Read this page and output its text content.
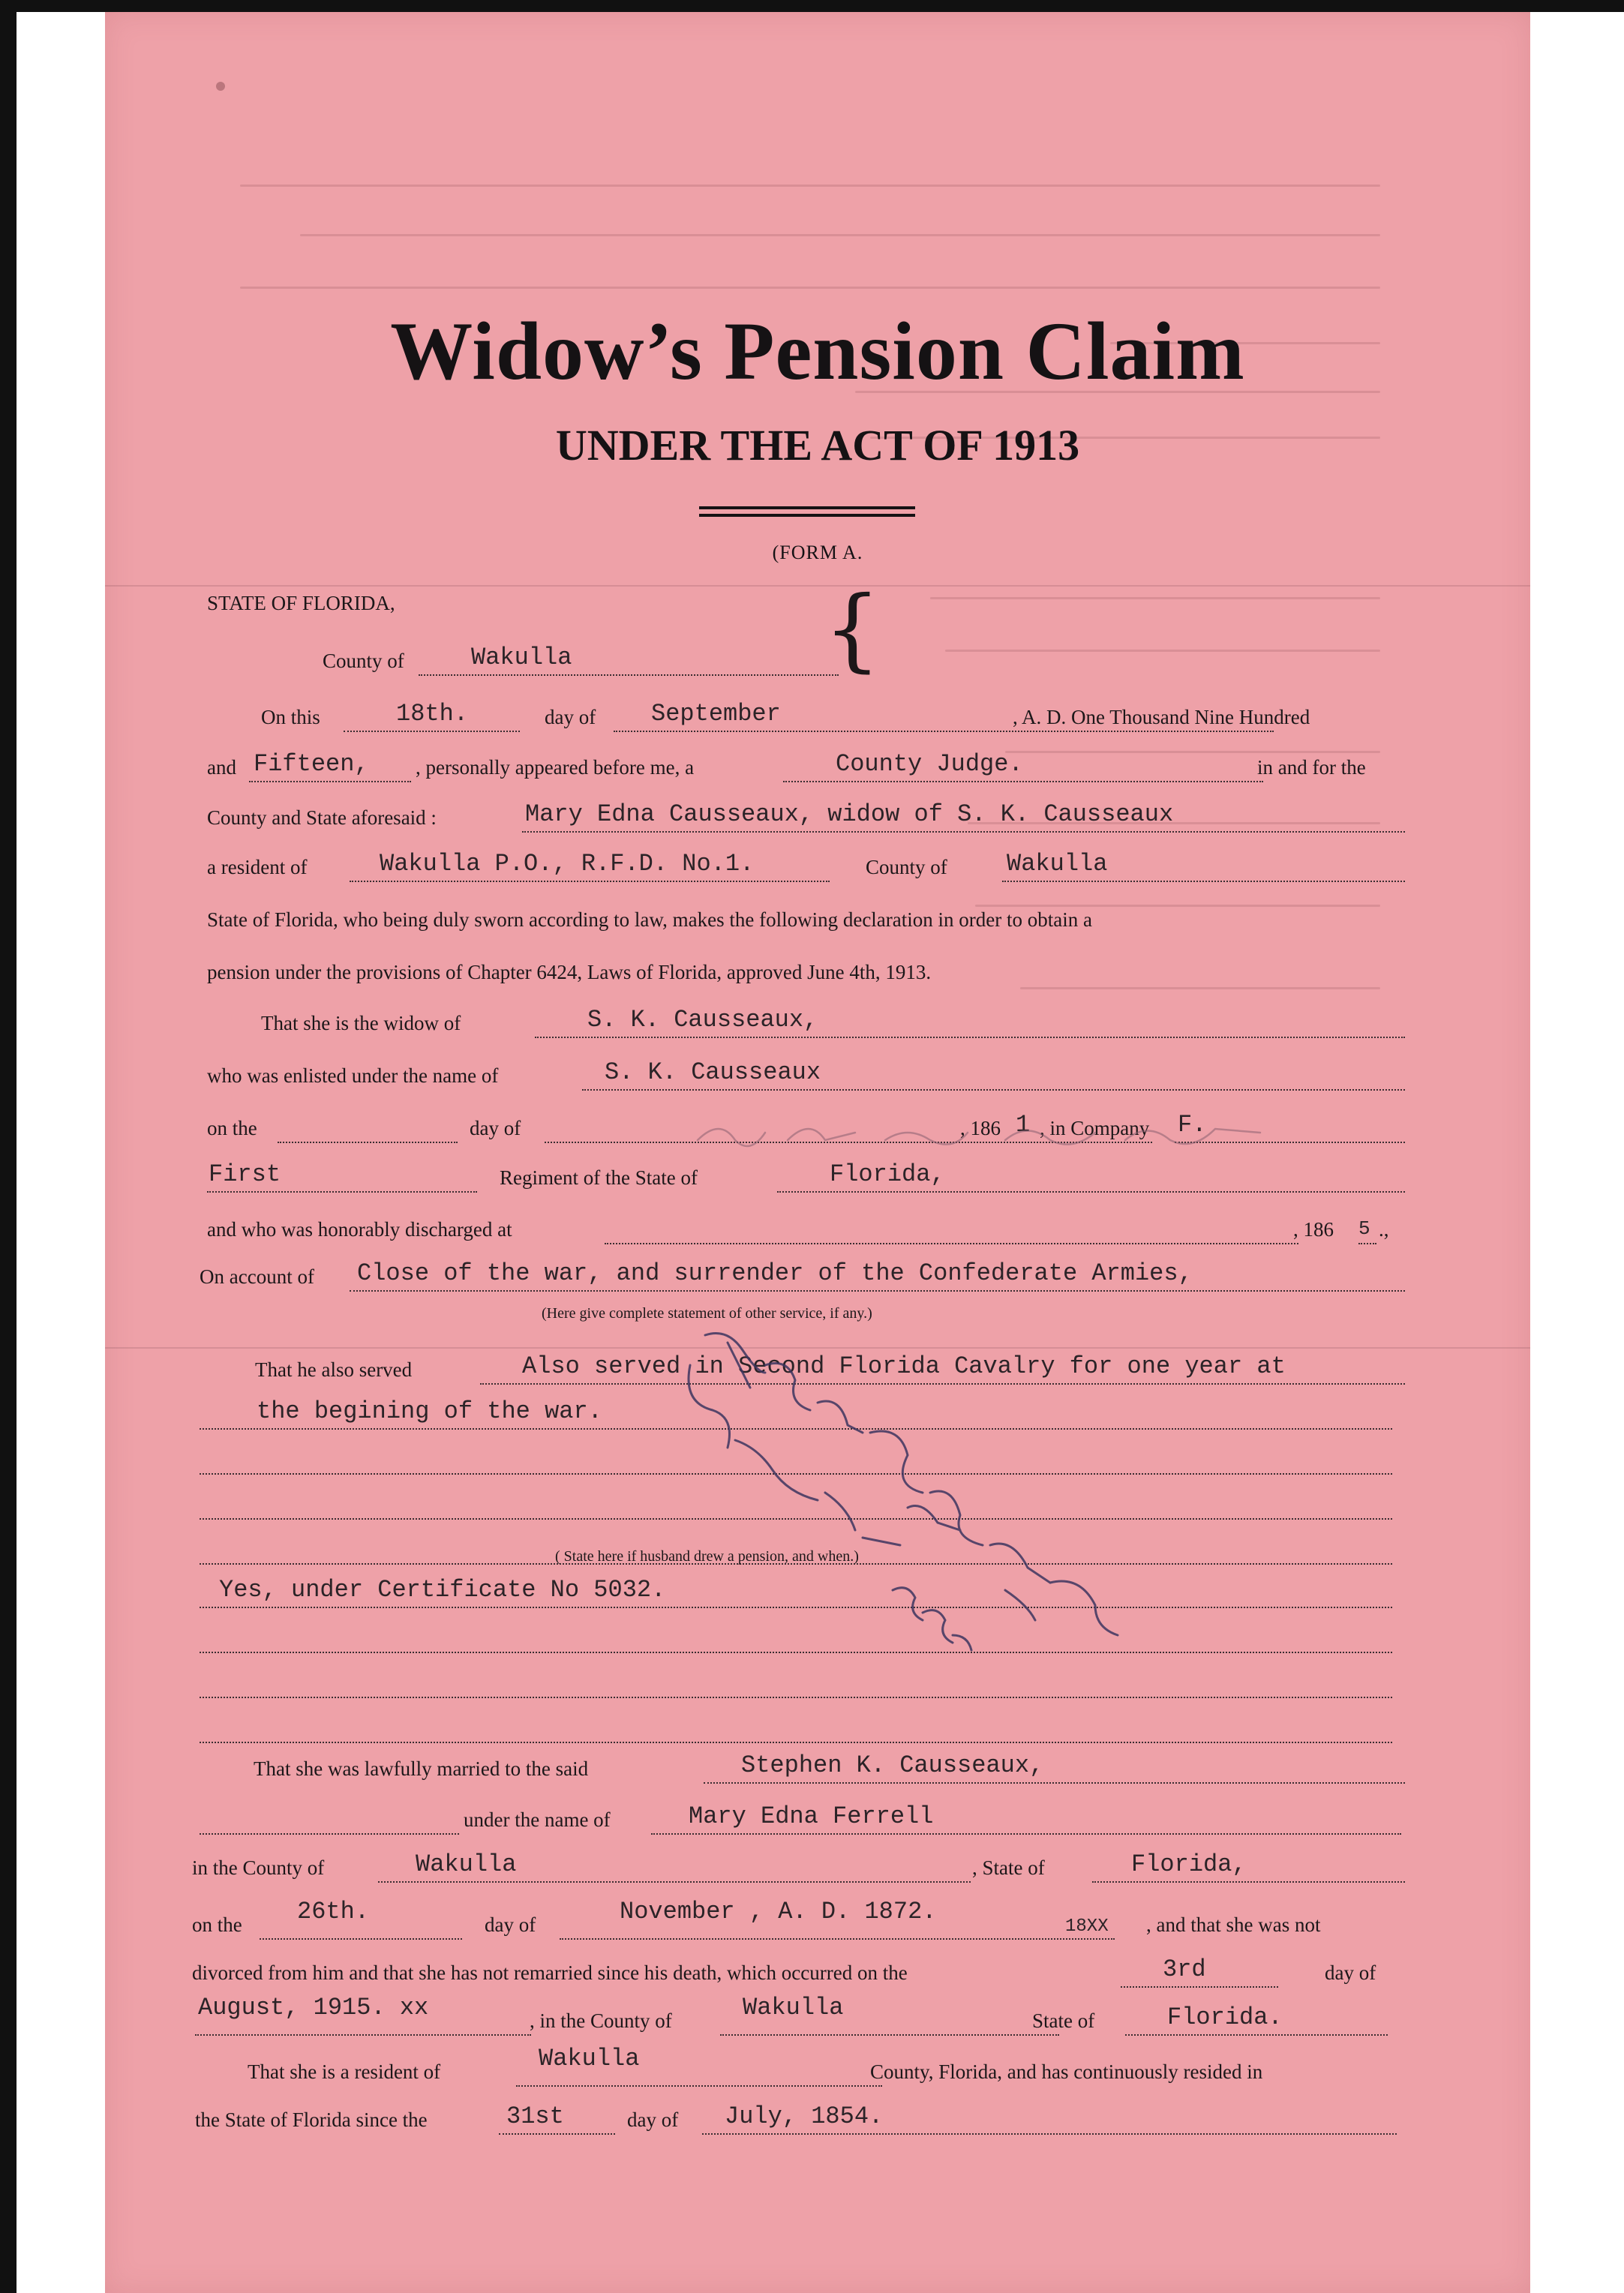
Widow’s Pension Claim
UNDER THE ACT OF 1913
(FORM A.
STATE OF FLORIDA,	{
County of	Wakulla
On this	18th.	day of September	, A. D. One Thousand Nine Hundred
and Fifteen, , personally appeared before me, a	County Judge.	in and for the
County and State aforesaid :	Mary Edna Causseaux, widow of S. K. Causseaux
a resident of	Wakulla P.O., R.F.D. No.1.	County of Wakulla
State of Florida, who being duly sworn according to law, makes the following declaration in order to obtain a
pension under the provisions of Chapter 6424, Laws of Florida, approved June 4th, 1913.
That she is the widow of	S. K. Causseaux,
who was enlisted under the name of	S. K. Causseaux
on the	day of	, 186 1 , in Company F.
First	Regiment of the State of	Florida,
and who was honorably discharged at	, 186 5 .,
On account of Close of the war, and surrender of the Confederate Armies,
(Here give complete statement of other service, if any.)
That he also served	Also served in Second Florida Cavalry for one year at
the begining of the war.
( State here if husband drew a pension, and when.)
Yes, under Certificate No 5032.
That she was lawfully married to the said	Stephen K. Causseaux,
under the name of	Mary Edna Ferrell
in the County of	Wakulla	, State of	Florida,
on the 26th.	day of	November , A. D. 1872.
18XX , and that she was not
divorced from him and that she has not remarried since his death, which occurred on the	3rd	day of
August, 1915. xx	, in the County of	Wakulla	State of	Florida.
That she is a resident of	Wakulla	County, Florida, and has continuously resided in
the State of Florida since the	31st	day of July, 1854.
